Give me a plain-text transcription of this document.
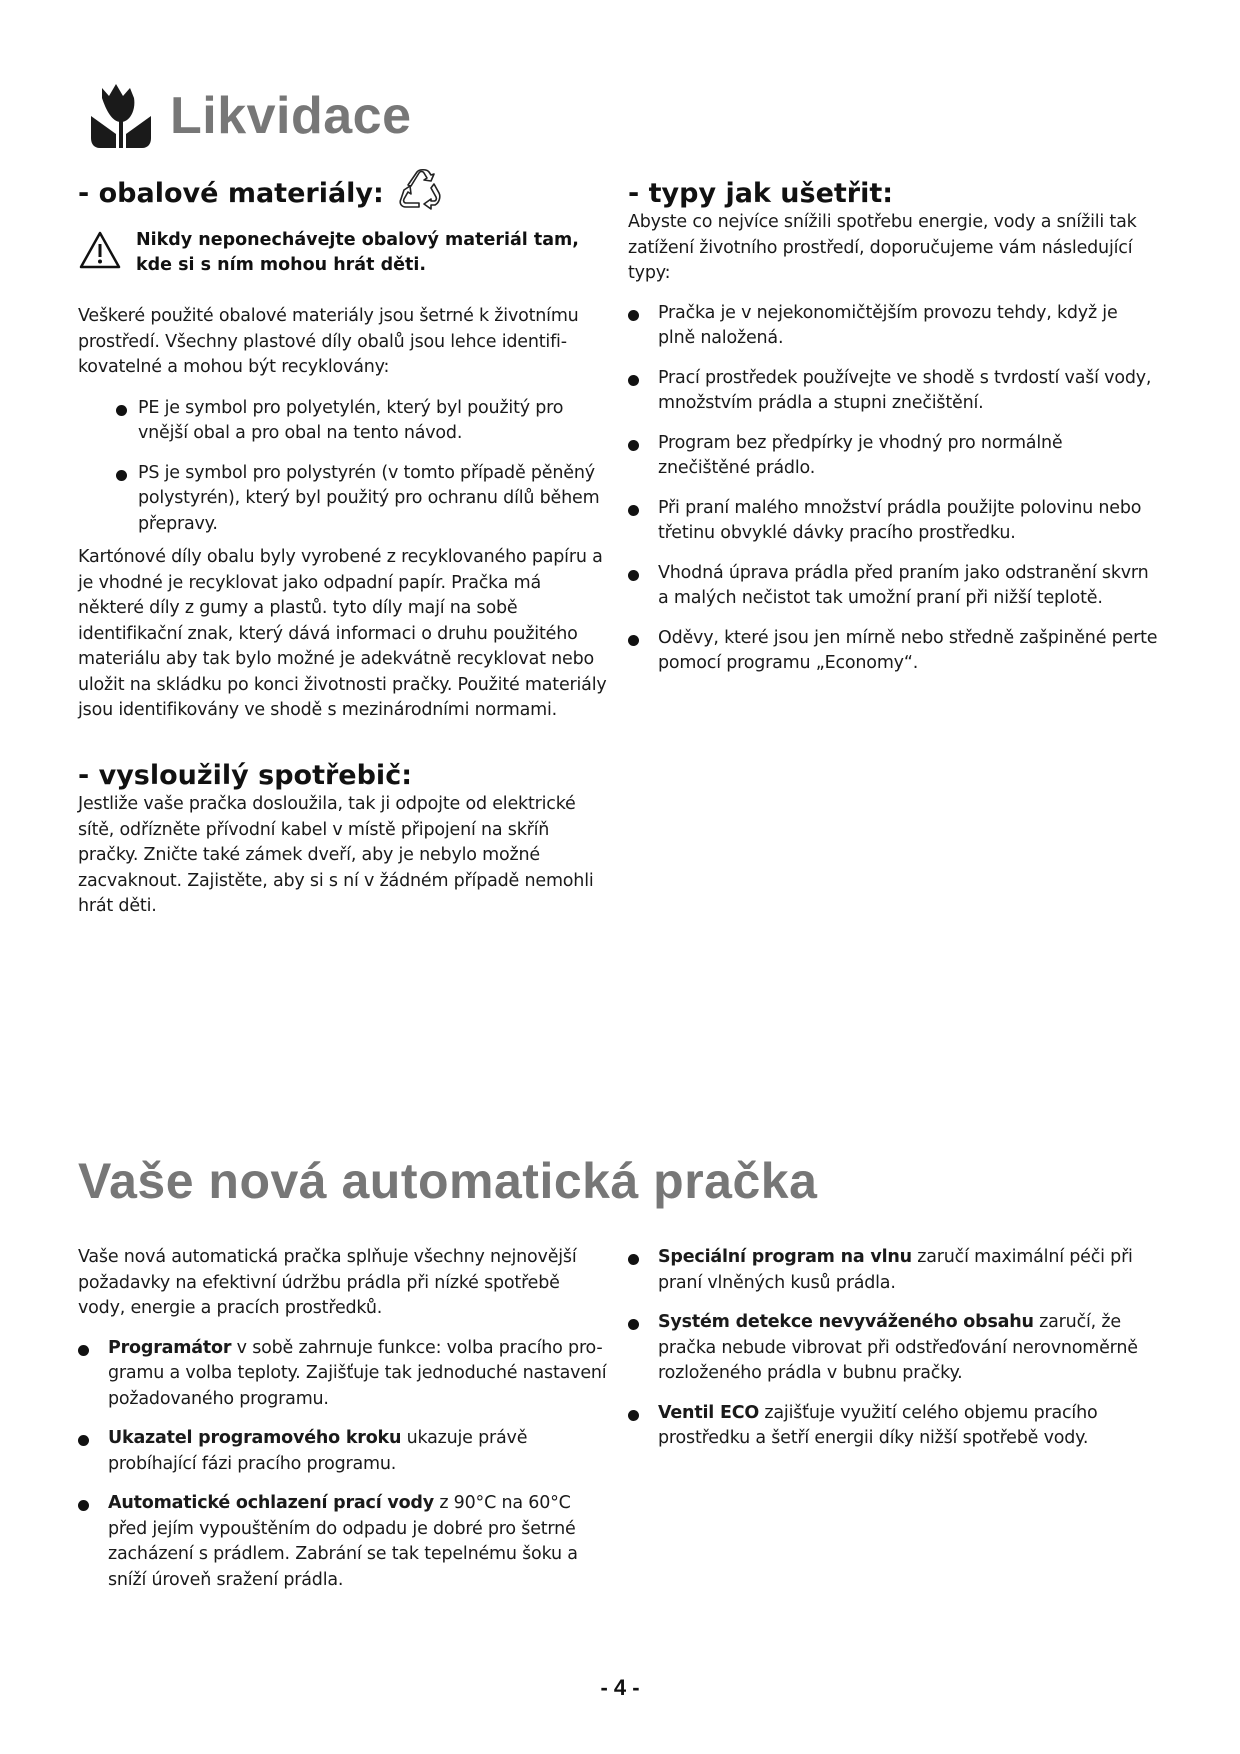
Likvidace
- obalové materiály:
Nikdy neponechávejte obalový materiál tam, kde si s ním mohou hrát děti.

Veškeré použité obalové materiály jsou šetrné k životnímu prostředí. Všechny plastové díly obalů jsou lehce identifi-kovatelné a mohou být recyklovány:

PE je symbol pro polyetylén, který byl použitý pro vnější obal a pro obal na tento návod.
PS je symbol pro polystyrén (v tomto případě pěněný polystyrén), který byl použitý pro ochranu dílů během přepravy.

Kartónové díly obalu byly vyrobené z recyklovaného papíru a je vhodné je recyklovat jako odpadní papír. Pračka má některé díly z gumy a plastů. tyto díly mají na sobě identifikační znak, který dává informaci o druhu použitého materiálu aby tak bylo možné je adekvátně recyklovat nebo uložit na skládku po konci životnosti pračky. Použité materiály jsou identifikovány ve shodě s mezinárodními normami.

- vysloužilý spotřebič:

Jestliže vaše pračka dosloužila, tak ji odpojte od elektrické sítě, odřízněte přívodní kabel v místě připojení na skříň pračky. Zničte také zámek dveří, aby je nebylo možné zacvaknout. Zajistěte, aby si s ní v žádném případě nemohli hrát děti.

- typy jak ušetřit:

Abyste co nejvíce snížili spotřebu energie, vody a snížili tak zatížení životního prostředí, doporučujeme vám následující typy:

Pračka je v nejekonomičtějším provozu tehdy, když je plně naložená.
Prací prostředek používejte ve shodě s tvrdostí vaší vody, množstvím prádla a stupni znečištění.
Program bez předpírky je vhodný pro normálně znečištěné prádlo.
Při praní malého množství prádla použijte polovinu nebo třetinu obvyklé dávky pracího prostředku.
Vhodná úprava prádla před praním jako odstranění skvrn a malých nečistot tak umožní praní při nižší teplotě.
Oděvy, které jsou jen mírně nebo středně zašpiněné perte pomocí programu „Economy“.
Vaše nová automatická pračka

Vaše nová automatická pračka splňuje všechny nejnovější požadavky na efektivní údržbu prádla při nízké spotřebě vody, energie a pracích prostředků.

Programátor v sobě zahrnuje funkce: volba pracího pro-gramu a volba teploty. Zajišťuje tak jednoduché nastavení požadovaného programu.
Ukazatel programového kroku ukazuje právě probíhající fázi pracího programu.
Automatické ochlazení prací vody z 90°C na 60°C před jejím vypouštěním do odpadu je dobré pro šetrné zacházení s prádlem. Zabrání se tak tepelnému šoku a sníží úroveň sražení prádla.
Speciální program na vlnu zaručí maximální péči při praní vlněných kusů prádla.
Systém detekce nevyváženého obsahu zaručí, že pračka nebude vibrovat při odstřeďování nerovnoměrně rozloženého prádla v bubnu pračky.
Ventil ECO zajišťuje využití celého objemu pracího prostředku a šetří energii díky nižší spotřebě vody.
- 4 -
